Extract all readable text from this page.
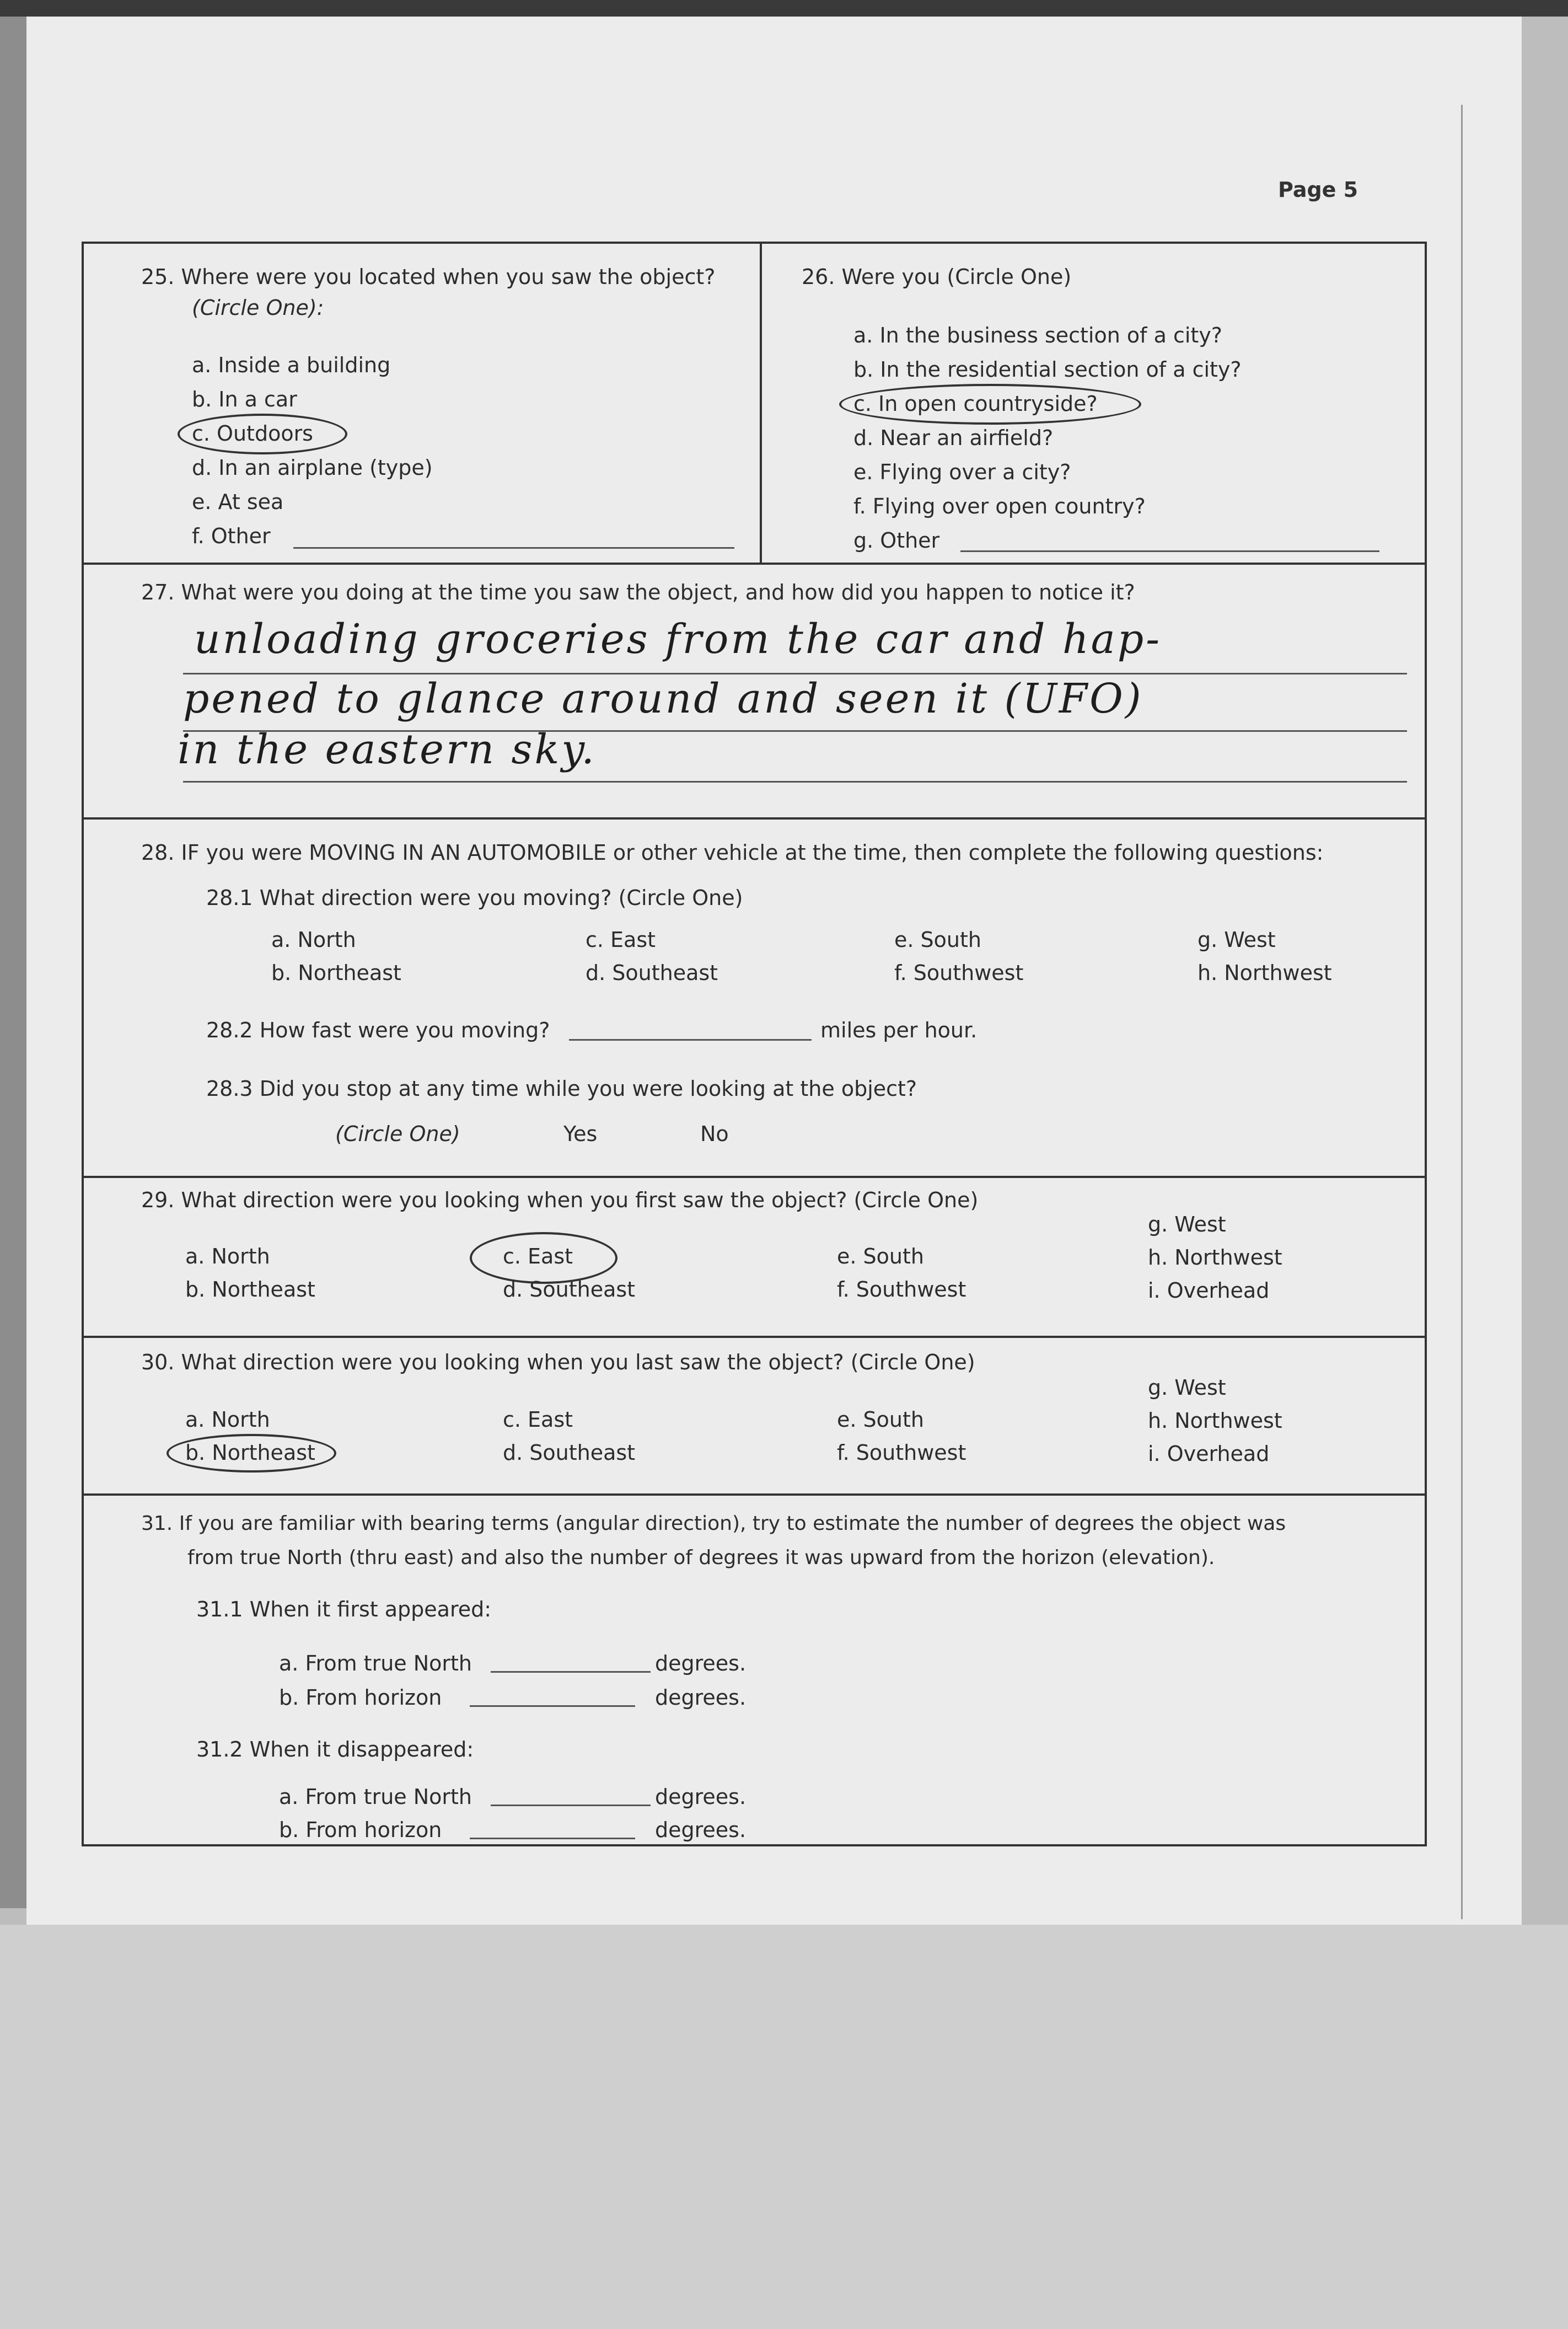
Page 5
25. Where were you located when you saw the object?
(Circle One):
a. Inside a building
b. In a car
c. Outdoors
d. In an airplane (type)
e. At sea
f. Other
26. Were you (Circle One)
a. In the business section of a city?
b. In the residential section of a city?
c. In open countryside?
d. Near an airfield?
e. Flying over a city?
f. Flying over open country?
g. Other
27. What were you doing at the time you saw the object, and how did you happen to notice it?
unloading groceries from the car and hap-
pened to glance around and seen it (UFO)
in the eastern sky.
28. IF you were MOVING IN AN AUTOMOBILE or other vehicle at the time, then complete the following questions:
28.1 What direction were you moving? (Circle One)
a. North
b. Northeast
c. East
d. Southeast
e. South
f. Southwest
g. West
h. Northwest
28.2 How fast were you moving?	miles per hour.
28.3 Did you stop at any time while you were looking at the object?
(Circle One)	Yes	No
29. What direction were you looking when you first saw the object? (Circle One)
a. North
b. Northeast
c. East
d. Southeast
e. South
f. Southwest
g. West
h. Northwest
i. Overhead
30. What direction were you looking when you last saw the object? (Circle One)
a. North
b. Northeast
c. East
d. Southeast
e. South
f. Southwest
g. West
h. Northwest
i. Overhead
31. If you are familiar with bearing terms (angular direction), try to estimate the number of degrees the object was
from true North (thru east) and also the number of degrees it was upward from the horizon (elevation).
31.1 When it first appeared:
a. From true North	degrees.
b. From horizon	degrees.
31.2 When it disappeared:
a. From true North	degrees.
b. From horizon	degrees.
